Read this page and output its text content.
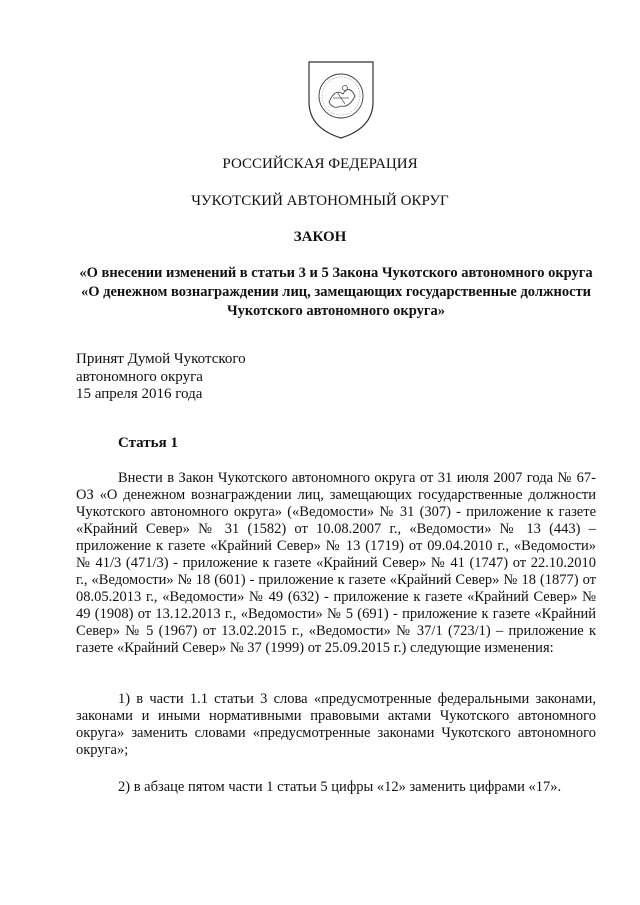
РОССИЙСКАЯ ФЕДЕРАЦИЯ
ЧУКОТСКИЙ АВТОНОМНЫЙ ОКРУГ
ЗАКОН
«О внесении изменений в статьи 3 и 5 Закона Чукотского автономного округа «О денежном вознаграждении лиц, замещающих государственные должности Чукотского автономного округа»
Принят Думой Чукотского
автономного округа
15 апреля 2016 года
Статья 1
Внести в Закон Чукотского автономного округа от 31 июля 2007 года № 67-ОЗ «О денежном вознаграждении лиц, замещающих государственные должности Чукотского автономного округа» («Ведомости» № 31 (307) - приложение к газете «Крайний Север» № 31 (1582) от 10.08.2007 г., «Ведомости» № 13 (443) – приложение к газете «Крайний Север» № 13 (1719) от 09.04.2010 г., «Ведомости» № 41/3 (471/3) - приложение к газете «Крайний Север» № 41 (1747) от 22.10.2010 г., «Ведомости» № 18 (601) - приложение к газете «Крайний Север» № 18 (1877) от 08.05.2013 г., «Ведомости» № 49 (632) - приложение к газете «Крайний Север» № 49 (1908) от 13.12.2013 г., «Ведомости» № 5 (691) - приложение к газете «Крайний Север» № 5 (1967) от 13.02.2015 г., «Ведомости» № 37/1 (723/1) – приложение к газете «Крайний Север» № 37 (1999) от 25.09.2015 г.) следующие изменения:
1) в части 1.1 статьи 3 слова «предусмотренные федеральными законами, законами и иными нормативными правовыми актами Чукотского автономного округа» заменить словами «предусмотренные законами Чукотского автономного округа»;
2) в абзаце пятом части 1 статьи 5 цифры «12» заменить цифрами «17».
